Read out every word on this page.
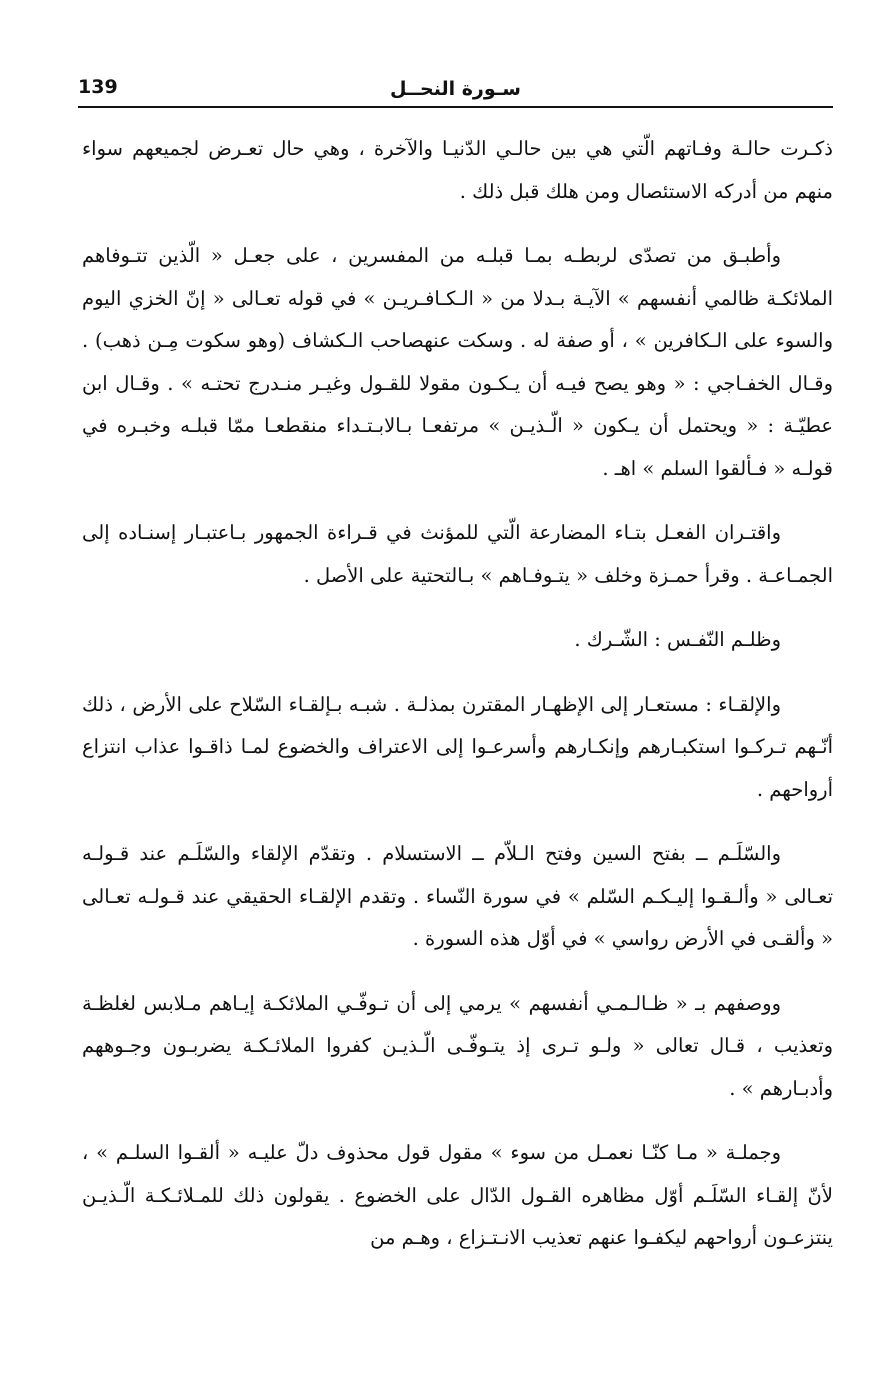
139	سـورة النحــل

ذكـرت حالـة وفـاتهم الّتي هي بين حالـي الدّنيـا والآخرة ، وهي حال تعـرض لجميعهم سواء منهم من أدركه الاستئصال ومن هلك قبل ذلك .

وأطبـق من تصدّى لربطـه بمـا قبلـه من المفسرين ، على جعـل « الّذين تتـوفاهم الملائكـة ظالمي أنفسهم » الآيـة بـدلا من « الـكـافـريـن » في قوله تعـالى « إنّ الخزي اليوم والسوء على الـكافرين » ، أو صفة له . وسكت عنهصاحب الـكشاف (وهو سكوت مِـن ذهب) . وقـال الخفـاجي : « وهو يصح فيـه أن يـكـون مقولا للقـول وغيـر منـدرج تحتـه » . وقـال ابن عطيّـة : « ويحتمل أن يـكون « الّـذيـن » مرتفعـا بـالابـتـداء منقطعـا ممّا قبلـه وخبـره في قولـه « فـألقوا السلم » اهـ .

واقتـران الفعـل بتـاء المضارعة الّتي للمؤنث في قـراءة الجمهور بـاعتبـار إسنـاده إلى الجمـاعـة . وقرأ حمـزة وخلف « يتـوفـاهم » بـالتحتية على الأصل .

وظلـم النّفـس : الشّـرك .

والإلقـاء : مستعـار إلى الإظهـار المقترن بمذلـة . شبـه بـإلقـاء السّلاح على الأرض ، ذلك أنّـهم تـركـوا استكبـارهم وإنكـارهم وأسرعـوا إلى الاعتراف والخضوع لمـا ذاقـوا عذاب انتزاع أرواحهم .

والسّلَـم ــ بفتح السين وفتح الـلاّم ــ الاستسلام . وتقدّم الإلقاء والسّلَـم عند قـولـه تعـالى « وألـقـوا إليـكـم السّلم » في سورة النّساء . وتقدم الإلقـاء الحقيقي عند قـولـه تعـالى « وألقـى في الأرض رواسي » في أوّل هذه السورة .

ووصفهم بـ « ظـالـمـي أنفسهم » يرمي إلى أن تـوفّـي الملائكـة إيـاهم مـلابس لغلظـة وتعذيب ، قـال تعالى « ولـو تـرى إذ يتـوفّـى الّـذيـن كفروا الملائـكـة يضربـون وجـوههم وأدبـارهم » .

وجملـة « مـا كنّـا نعمـل من سوء » مقول قول محذوف دلّ عليـه « ألقـوا السلـم » ، لأنّ إلقـاء السّلَـم أوّل مظاهره القـول الدّال على الخضوع . يقولون ذلك للمـلائـكـة الّـذيـن ينتزعـون أرواحهم ليكفـوا عنهم تعذيب الانـتـزاع ، وهـم من
